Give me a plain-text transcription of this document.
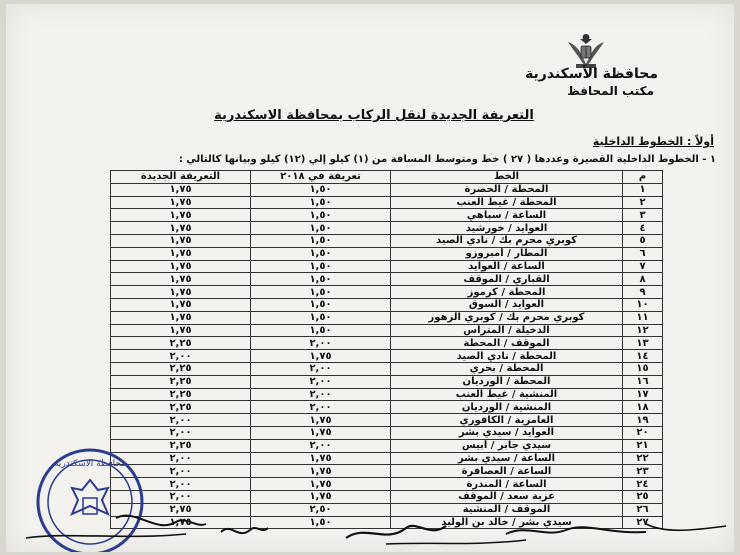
محافظة الأسكندرية
مكتب المحافظ
التعريفة الجديدة لنقل الركاب بمحافظة الاسكندرية
أولاً : الخطوط الداخلية
١ - الخطوط الداخلية القصيرة وعددها ( ٢٧ ) خط ومتوسط المسافة من (١) كيلو إلي (١٢) كيلو وبيانها كالتالي :
م	الخط	تعريفة في ٢٠١٨	التعريفة الجديدة
١	المحطة / الحضرة	١,٥٠	١,٧٥
٢	المحطة / غيط العنب	١,٥٠	١,٧٥
٣	الساعة / سباهي	١,٥٠	١,٧٥
٤	العوايد / خورشيد	١,٥٠	١,٧٥
٥	كوبري محرم بك / نادي الصيد	١,٥٠	١,٧٥
٦	المطار / أمبروزو	١,٥٠	١,٧٥
٧	الساعة / العوايد	١,٥٠	١,٧٥
٨	القباري / الموقف	١,٥٠	١,٧٥
٩	المحطة / كرموز	١,٥٠	١,٧٥
١٠	العوايد / السوق	١,٥٠	١,٧٥
١١	كوبري محرم بك / كوبري الزهور	١,٥٠	١,٧٥
١٢	الدخيلة / المتراس	١,٥٠	١,٧٥
١٣	الموقف / المحطة	٢,٠٠	٢,٢٥
١٤	المحطة / نادي الصيد	١,٧٥	٢,٠٠
١٥	المحطة / بحري	٢,٠٠	٢,٢٥
١٦	المحطة / الورديان	٢,٠٠	٢,٢٥
١٧	المنشية / غيط العنب	٢,٠٠	٢,٢٥
١٨	المنشية / الورديان	٢,٠٠	٢,٢٥
١٩	العامرية / الكافوري	١,٧٥	٢,٠٠
٢٠	العوايد / سيدي بشر	١,٧٥	٢,٠٠
٢١	سيدي جابر / أبيس	٢,٠٠	٢,٢٥
٢٢	الساعة / سيدي بشر	١,٧٥	٢,٠٠
٢٣	الساعة / العصافرة	١,٧٥	٢,٠٠
٢٤	الساعة / المندرة	١,٧٥	٢,٠٠
٢٥	عزبة سعد / الموقف	١,٧٥	٢,٠٠
٢٦	الموقف / المنشية	٢,٥٠	٢,٧٥
٢٧	سيدي بشر / خالد بن الوليد	١,٥٠	١,٧٥
محافظة الاسكندرية
